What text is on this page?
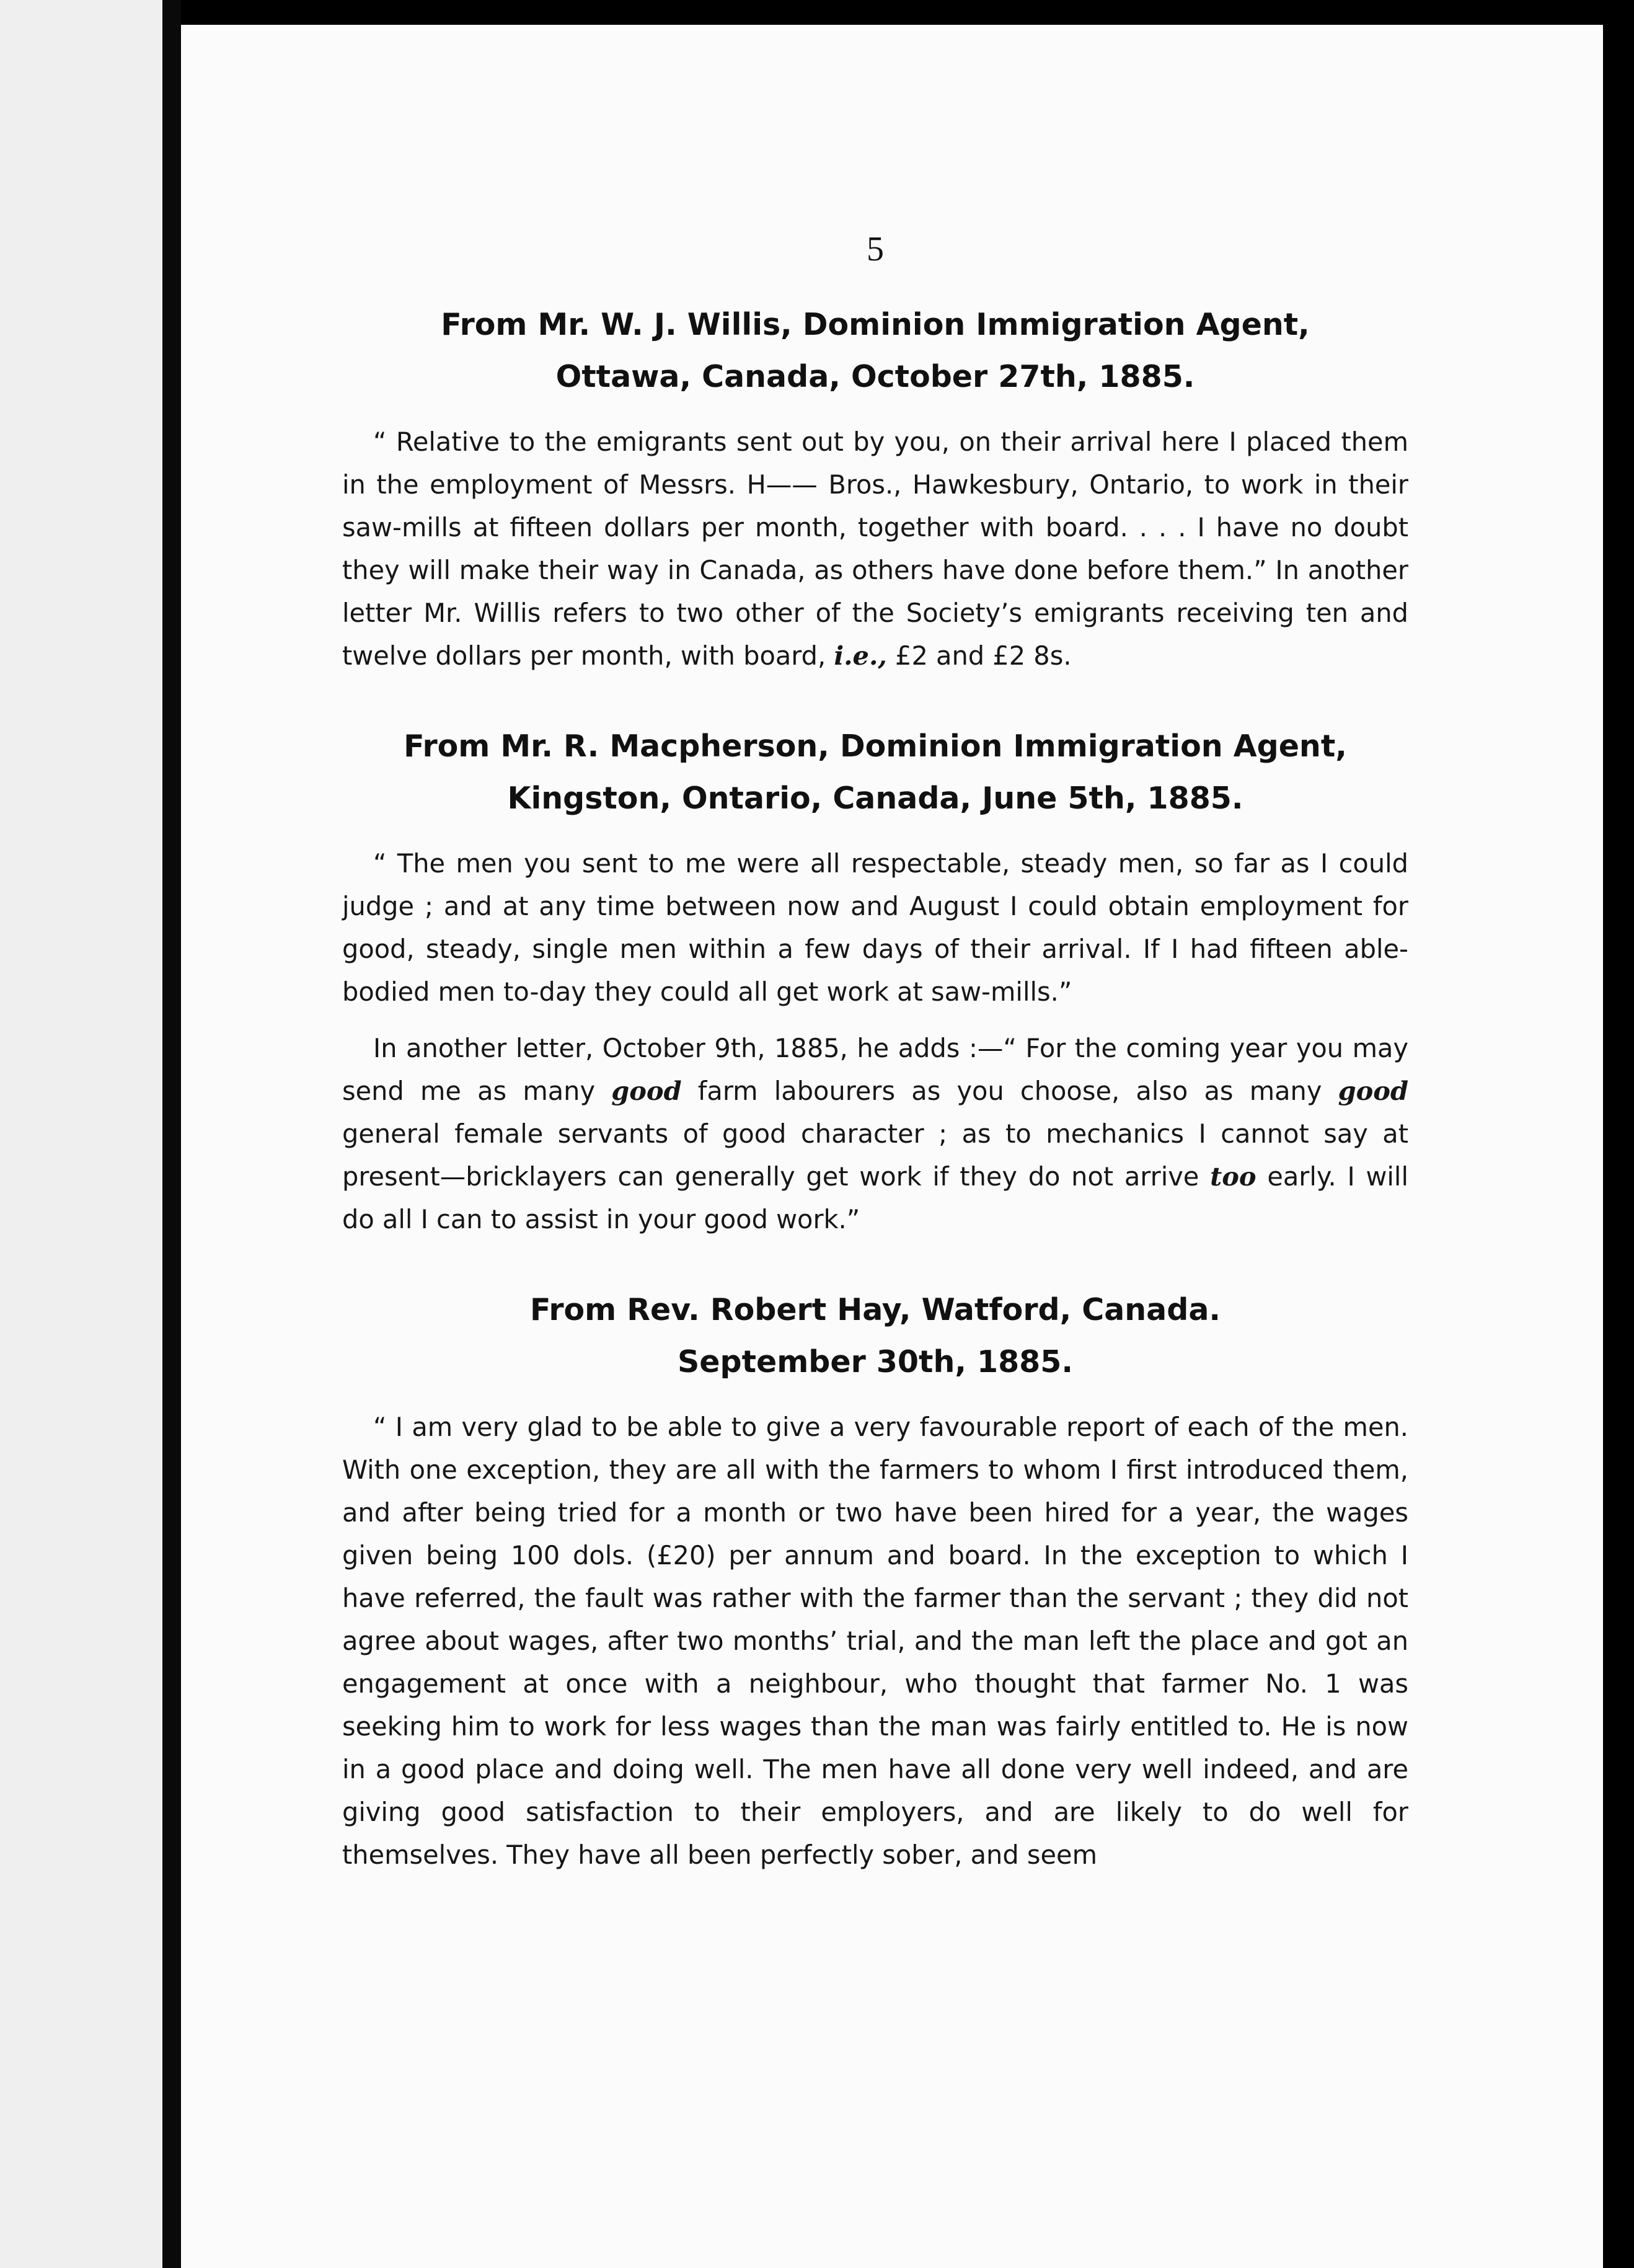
5
From Mr. W. J. Willis, Dominion Immigration Agent,
Ottawa, Canada, October 27th, 1885.

“ Relative to the emigrants sent out by you, on their arrival here I placed them in the employment of Messrs. H—— Bros., Hawkesbury, Ontario, to work in their saw-mills at fifteen dollars per month, together with board. . . . I have no doubt they will make their way in Canada, as others have done before them.” In another letter Mr. Willis refers to two other of the Society’s emigrants receiving ten and twelve dollars per month, with board, i.e., £2 and £2 8s.

From Mr. R. Macpherson, Dominion Immigration Agent,
Kingston, Ontario, Canada, June 5th, 1885.

“ The men you sent to me were all respectable, steady men, so far as I could judge ; and at any time between now and August I could obtain employment for good, steady, single men within a few days of their arrival. If I had fifteen able-bodied men to-day they could all get work at saw-mills.”

In another letter, October 9th, 1885, he adds :—“ For the coming year you may send me as many good farm labourers as you choose, also as many good general female servants of good character ; as to mechanics I cannot say at present—bricklayers can generally get work if they do not arrive too early. I will do all I can to assist in your good work.”

From Rev. Robert Hay, Watford, Canada.
September 30th, 1885.

“ I am very glad to be able to give a very favourable report of each of the men. With one exception, they are all with the farmers to whom I first introduced them, and after being tried for a month or two have been hired for a year, the wages given being 100 dols. (£20) per annum and board. In the exception to which I have referred, the fault was rather with the farmer than the servant ; they did not agree about wages, after two months’ trial, and the man left the place and got an engagement at once with a neighbour, who thought that farmer No. 1 was seeking him to work for less wages than the man was fairly entitled to. He is now in a good place and doing well. The men have all done very well indeed, and are giving good satisfaction to their employers, and are likely to do well for themselves. They have all been perfectly sober, and seem
